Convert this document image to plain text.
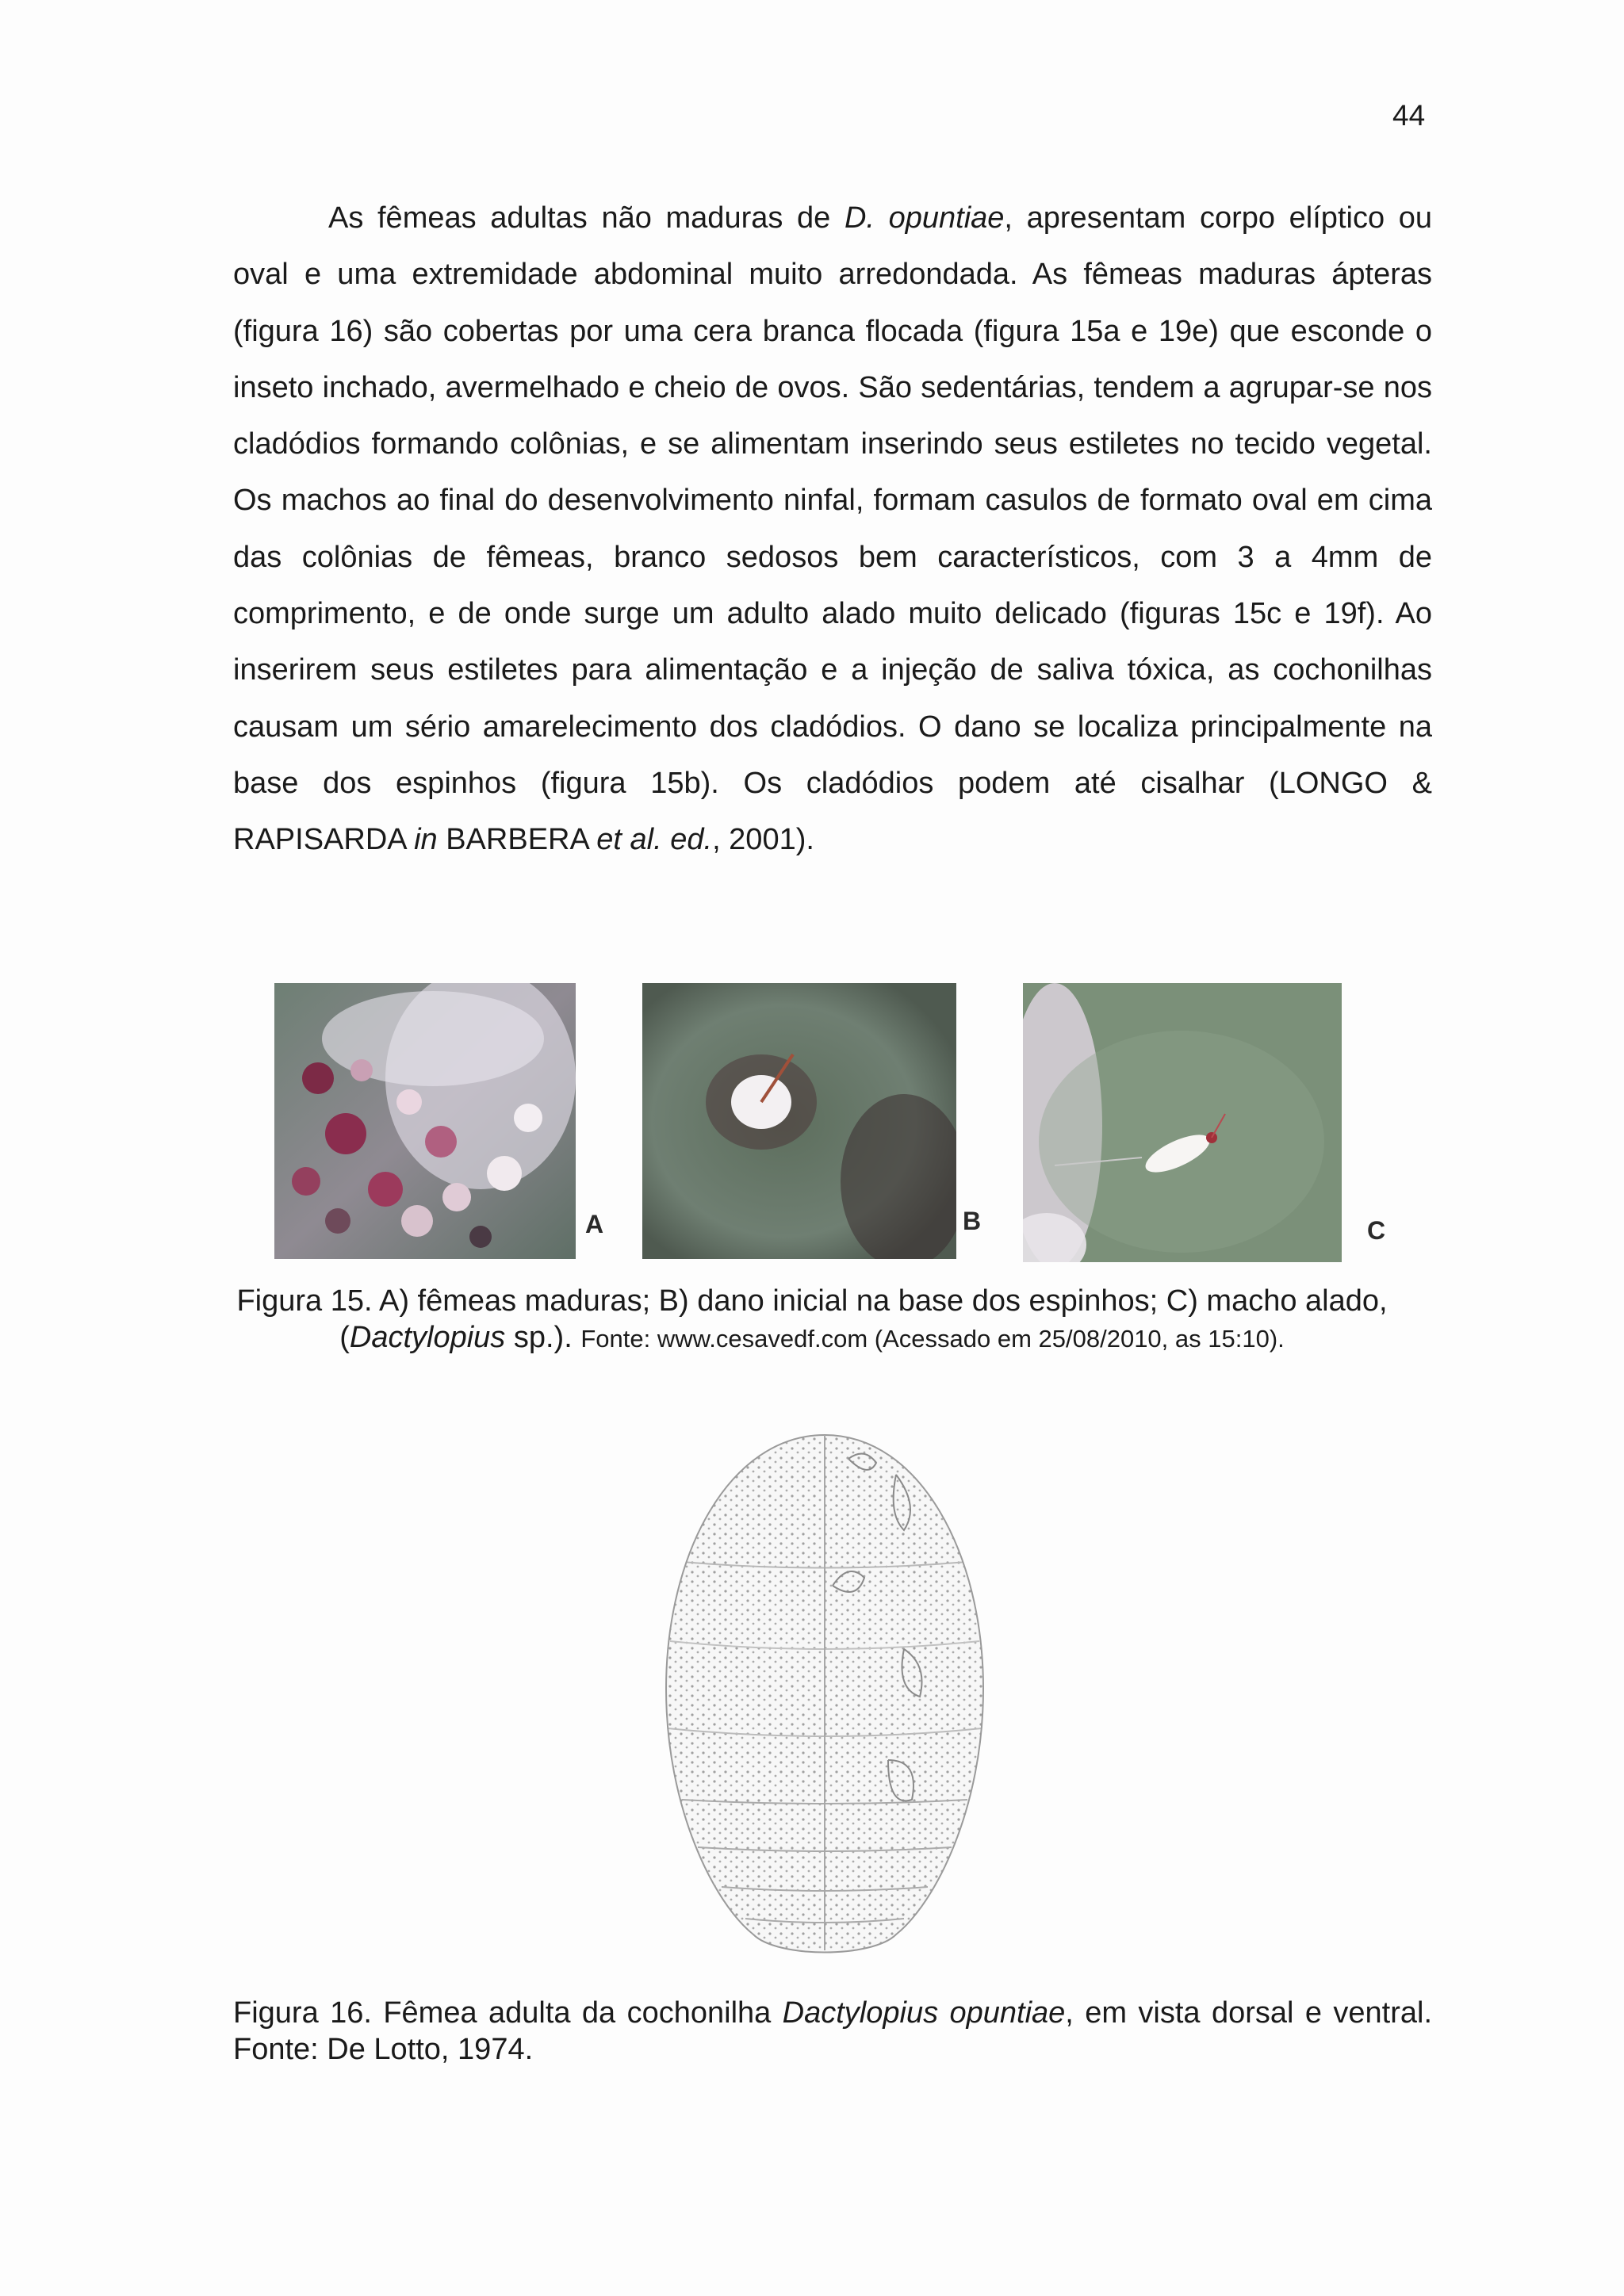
44

As fêmeas adultas não maduras de D. opuntiae, apresentam corpo elíptico ou oval e uma extremidade abdominal muito arredondada. As fêmeas maduras ápteras (figura 16) são cobertas por uma cera branca flocada (figura 15a e 19e) que esconde o inseto inchado, avermelhado e cheio de ovos. São sedentárias, tendem a agrupar-se nos cladódios formando colônias, e se alimentam inserindo seus estiletes no tecido vegetal. Os machos ao final do desenvolvimento ninfal, formam casulos de formato oval em cima das colônias de fêmeas, branco sedosos bem característicos, com 3 a 4mm de comprimento, e de onde surge um adulto alado muito delicado (figuras 15c e 19f). Ao inserirem seus estiletes para alimentação e a injeção de saliva tóxica, as cochonilhas causam um sério amarelecimento dos cladódios. O dano se localiza principalmente na base dos espinhos (figura 15b). Os cladódios podem até cisalhar (LONGO & RAPISARDA in BARBERA et al. ed., 2001).

A	B	C

Figura 15. A) fêmeas maduras; B) dano inicial na base dos espinhos; C) macho alado, (Dactylopius sp.). Fonte: www.cesavedf.com (Acessado em 25/08/2010, as 15:10).

Figura 16. Fêmea adulta da cochonilha Dactylopius opuntiae, em vista dorsal e ventral. Fonte: De Lotto, 1974.
